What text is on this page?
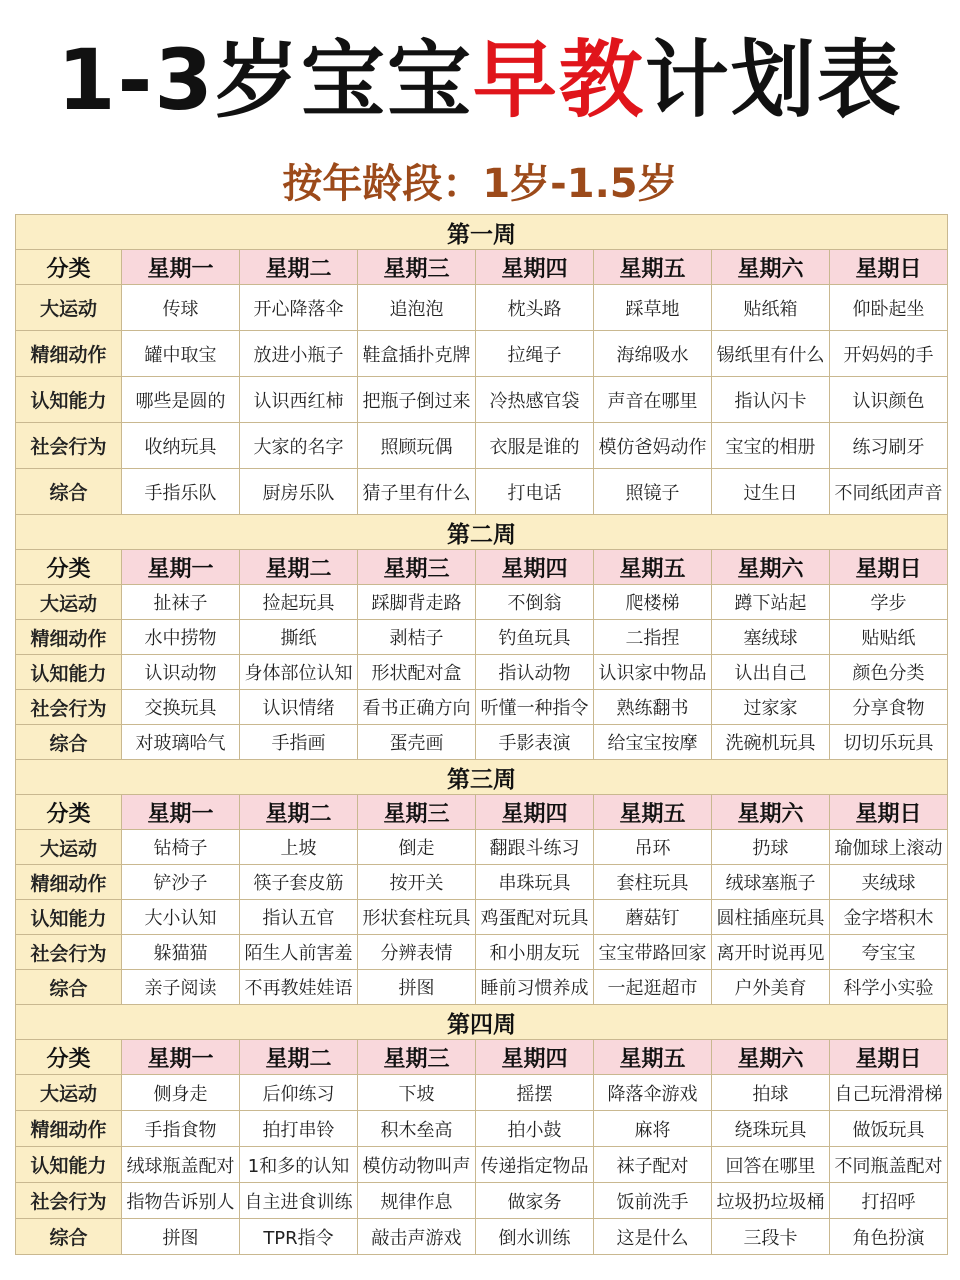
1-3岁宝宝 早教 计划表
按年龄段：1岁-1.5岁
第一周							
分类	星期一	星期二	星期三	星期四	星期五	星期六	星期日
大运动	传球	开心降落伞	追泡泡	枕头路	踩草地	贴纸箱	仰卧起坐
精细动作	罐中取宝	放进小瓶子	鞋盒插扑克牌	拉绳子	海绵吸水	锡纸里有什么	开妈妈的手
认知能力	哪些是圆的	认识西红柿	把瓶子倒过来	冷热感官袋	声音在哪里	指认闪卡	认识颜色
社会行为	收纳玩具	大家的名字	照顾玩偶	衣服是谁的	模仿爸妈动作	宝宝的相册	练习刷牙
综合	手指乐队	厨房乐队	猜子里有什么	打电话	照镜子	过生日	不同纸团声音
第二周							
分类	星期一	星期二	星期三	星期四	星期五	星期六	星期日
大运动	扯袜子	捡起玩具	踩脚背走路	不倒翁	爬楼梯	蹲下站起	学步
精细动作	水中捞物	撕纸	剥桔子	钓鱼玩具	二指捏	塞绒球	贴贴纸
认知能力	认识动物	身体部位认知	形状配对盒	指认动物	认识家中物品	认出自己	颜色分类
社会行为	交换玩具	认识情绪	看书正确方向	听懂一种指令	熟练翻书	过家家	分享食物
综合	对玻璃哈气	手指画	蛋壳画	手影表演	给宝宝按摩	洗碗机玩具	切切乐玩具
第三周							
分类	星期一	星期二	星期三	星期四	星期五	星期六	星期日
大运动	钻椅子	上坡	倒走	翻跟斗练习	吊环	扔球	瑜伽球上滚动
精细动作	铲沙子	筷子套皮筋	按开关	串珠玩具	套柱玩具	绒球塞瓶子	夹绒球
认知能力	大小认知	指认五官	形状套柱玩具	鸡蛋配对玩具	蘑菇钉	圆柱插座玩具	金字塔积木
社会行为	躲猫猫	陌生人前害羞	分辨表情	和小朋友玩	宝宝带路回家	离开时说再见	夸宝宝
综合	亲子阅读	不再教娃娃语	拼图	睡前习惯养成	一起逛超市	户外美育	科学小实验
第四周							
分类	星期一	星期二	星期三	星期四	星期五	星期六	星期日
大运动	侧身走	后仰练习	下坡	摇摆	降落伞游戏	拍球	自己玩滑滑梯
精细动作	手指食物	拍打串铃	积木垒高	拍小鼓	麻将	绕珠玩具	做饭玩具
认知能力	绒球瓶盖配对	1和多的认知	模仿动物叫声	传递指定物品	袜子配对	回答在哪里	不同瓶盖配对
社会行为	指物告诉别人	自主进食训练	规律作息	做家务	饭前洗手	垃圾扔垃圾桶	打招呼
综合	拼图	TPR指令	敲击声游戏	倒水训练	这是什么	三段卡	角色扮演
